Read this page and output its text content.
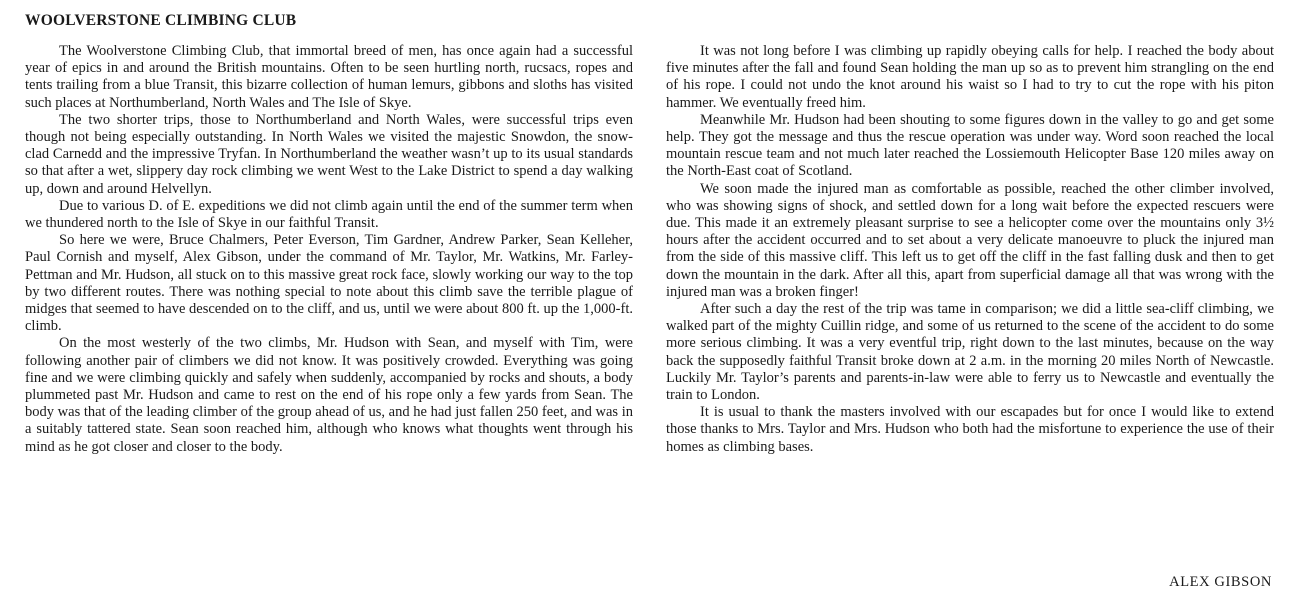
WOOLVERSTONE CLIMBING CLUB

The Woolverstone Climbing Club, that immortal breed of men, has once again had a successful year of epics in and around the British mountains. Often to be seen hurtling north, rucsacs, ropes and tents trailing from a blue Transit, this bizarre collection of human lemurs, gibbons and sloths has visited such places at Northumberland, North Wales and The Isle of Skye.

The two shorter trips, those to Northumberland and North Wales, were successful trips even though not being especially outstanding. In North Wales we visited the majestic Snowdon, the snow-clad Carnedd and the impressive Tryfan. In Northumberland the weather wasn’t up to its usual standards so that after a wet, slippery day rock climbing we went West to the Lake District to spend a day walking up, down and around Helvellyn.

Due to various D. of E. expeditions we did not climb again until the end of the summer term when we thundered north to the Isle of Skye in our faithful Transit.

So here we were, Bruce Chalmers, Peter Everson, Tim Gardner, Andrew Parker, Sean Kelleher, Paul Cornish and myself, Alex Gibson, under the command of Mr. Taylor, Mr. Watkins, Mr. Farley-Pettman and Mr. Hudson, all stuck on to this massive great rock face, slowly working our way to the top by two different routes. There was nothing special to note about this climb save the terrible plague of midges that seemed to have descended on to the cliff, and us, until we were about 800 ft. up the 1,000-ft. climb.

On the most westerly of the two climbs, Mr. Hudson with Sean, and myself with Tim, were following another pair of climbers we did not know. It was positively crowded. Everything was going fine and we were climbing quickly and safely when suddenly, accompanied by rocks and shouts, a body plummeted past Mr. Hudson and came to rest on the end of his rope only a few yards from Sean. The body was that of the leading climber of the group ahead of us, and he had just fallen 250 feet, and was in a suitably tattered state. Sean soon reached him, although who knows what thoughts went through his mind as he got closer and closer to the body.

It was not long before I was climbing up rapidly obeying calls for help. I reached the body about five minutes after the fall and found Sean holding the man up so as to prevent him strangling on the end of his rope. I could not undo the knot around his waist so I had to try to cut the rope with his piton hammer. We eventually freed him.

Meanwhile Mr. Hudson had been shouting to some figures down in the valley to go and get some help. They got the message and thus the rescue operation was under way. Word soon reached the local mountain rescue team and not much later reached the Lossiemouth Helicopter Base 120 miles away on the North-East coat of Scotland.

We soon made the injured man as comfortable as possible, reached the other climber involved, who was showing signs of shock, and settled down for a long wait before the expected rescuers were due. This made it an extremely pleasant surprise to see a helicopter come over the mountains only 3½ hours after the accident occurred and to set about a very delicate manoeuvre to pluck the injured man from the side of this massive cliff. This left us to get off the cliff in the fast falling dusk and then to get down the mountain in the dark. After all this, apart from superficial damage all that was wrong with the injured man was a broken finger!

After such a day the rest of the trip was tame in comparison; we did a little sea-cliff climbing, we walked part of the mighty Cuillin ridge, and some of us returned to the scene of the accident to do some more serious climbing. It was a very eventful trip, right down to the last minutes, because on the way back the supposedly faithful Transit broke down at 2 a.m. in the morning 20 miles North of Newcastle. Luckily Mr. Taylor’s parents and parents-in-law were able to ferry us to Newcastle and eventually the train to London.

It is usual to thank the masters involved with our escapades but for once I would like to extend those thanks to Mrs. Taylor and Mrs. Hudson who both had the misfortune to experience the use of their homes as climbing bases.

ALEX GIBSON
